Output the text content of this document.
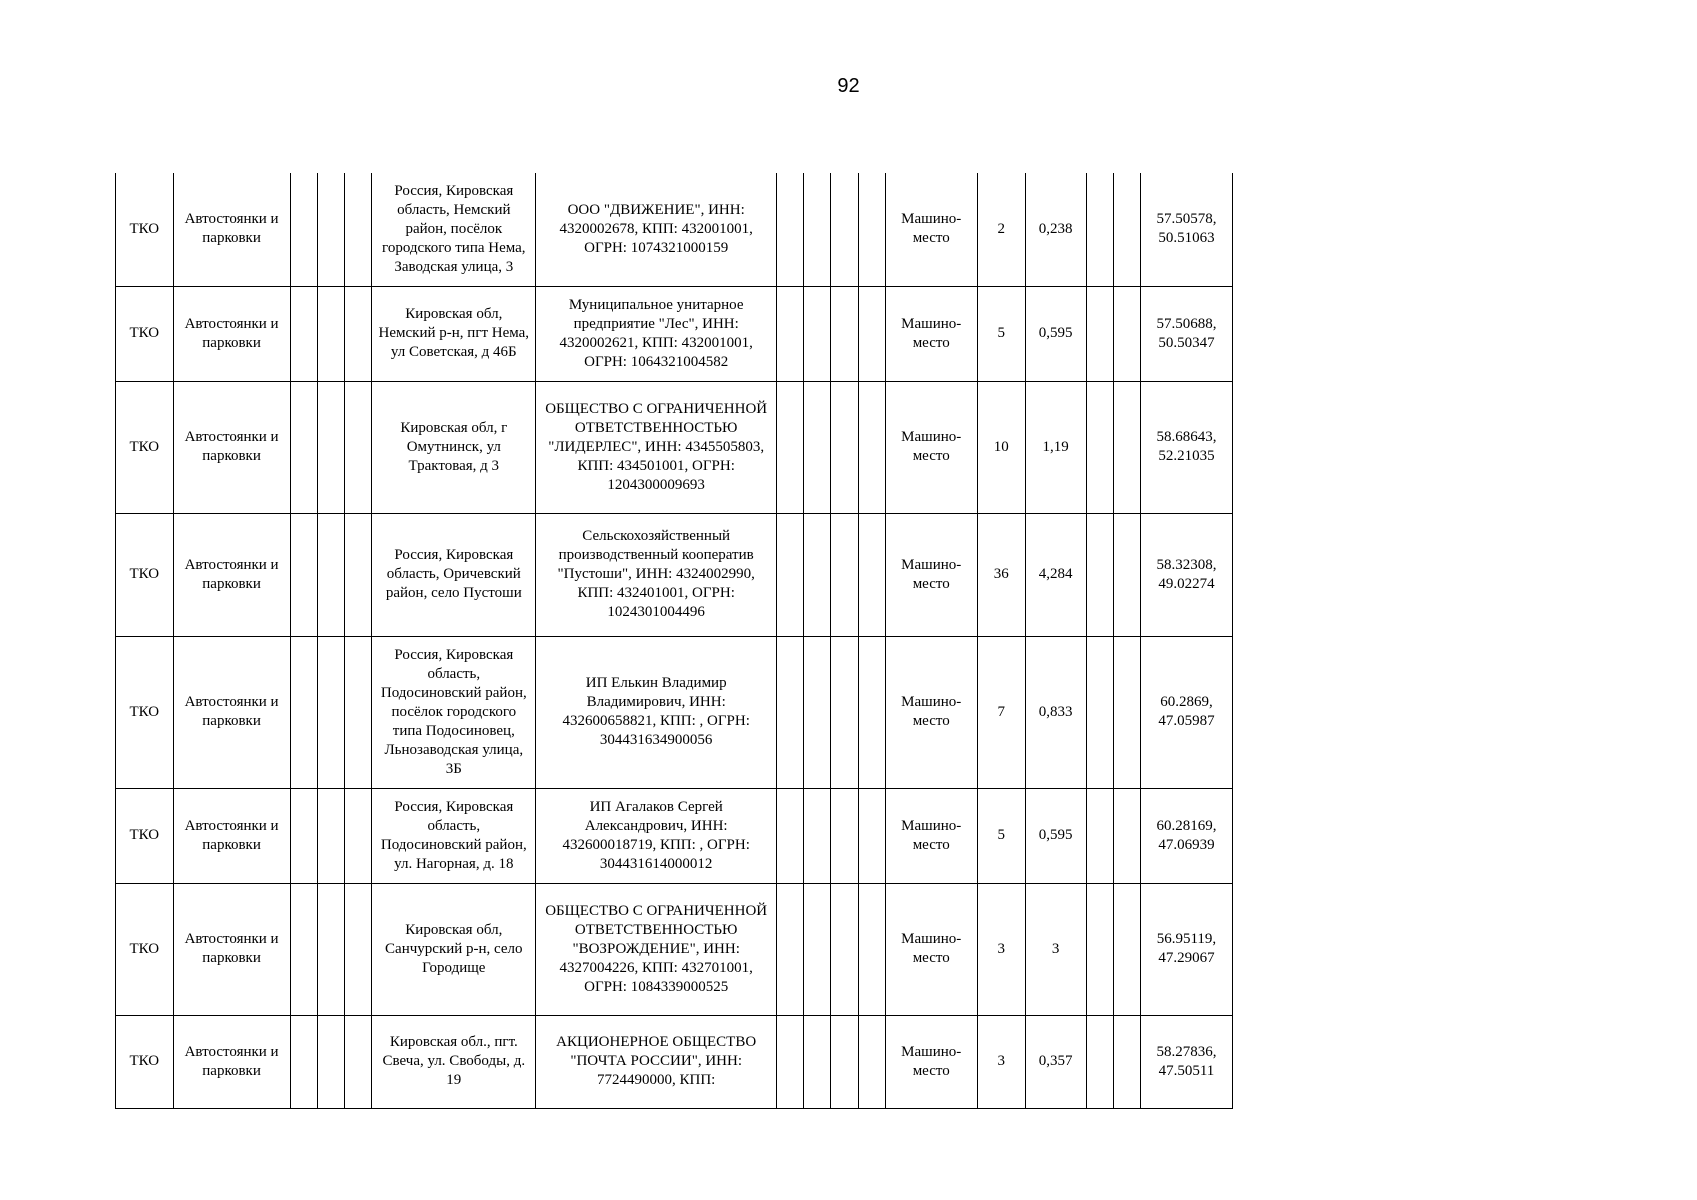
92
ТКО	Автостоянки и парковки				Россия, Кировская область, Немский район, посёлок городского типа Нема, Заводская улица, 3	ООО "ДВИЖЕНИЕ", ИНН: 4320002678, КПП: 432001001, ОГРН: 1074321000159					Машино-место	2	0,238			57.50578, 50.51063
ТКО	Автостоянки и парковки				Кировская обл, Немский р-н, пгт Нема, ул Советская, д 46Б	Муниципальное унитарное предприятие "Лес", ИНН: 4320002621, КПП: 432001001, ОГРН: 1064321004582					Машино-место	5	0,595			57.50688, 50.50347
ТКО	Автостоянки и парковки				Кировская обл, г Омутнинск, ул Трактовая, д 3	ОБЩЕСТВО С ОГРАНИЧЕННОЙ ОТВЕТСТВЕННОСТЬЮ "ЛИДЕРЛЕС", ИНН: 4345505803, КПП: 434501001, ОГРН: 1204300009693					Машино-место	10	1,19			58.68643, 52.21035
ТКО	Автостоянки и парковки				Россия, Кировская область, Оричевский район, село Пустоши	Сельскохозяйственный производственный кооператив "Пустоши", ИНН: 4324002990, КПП: 432401001, ОГРН: 1024301004496					Машино-место	36	4,284			58.32308, 49.02274
ТКО	Автостоянки и парковки				Россия, Кировская область, Подосиновский район, посёлок городского типа Подосиновец, Льнозаводская улица, 3Б	ИП Елькин Владимир Владимирович, ИНН: 432600658821, КПП: , ОГРН: 304431634900056					Машино-место	7	0,833			60.2869, 47.05987
ТКО	Автостоянки и парковки				Россия, Кировская область, Подосиновский район, ул. Нагорная, д. 18	ИП Агалаков Сергей Александрович, ИНН: 432600018719, КПП: , ОГРН: 304431614000012					Машино-место	5	0,595			60.28169, 47.06939
ТКО	Автостоянки и парковки				Кировская обл, Санчурский р-н, село Городище	ОБЩЕСТВО С ОГРАНИЧЕННОЙ ОТВЕТСТВЕННОСТЬЮ "ВОЗРОЖДЕНИЕ", ИНН: 4327004226, КПП: 432701001, ОГРН: 1084339000525					Машино-место	3	3			56.95119, 47.29067
ТКО	Автостоянки и парковки				Кировская обл., пгт. Свеча, ул. Свободы, д. 19	АКЦИОНЕРНОЕ ОБЩЕСТВО "ПОЧТА РОССИИ", ИНН: 7724490000, КПП:					Машино-место	3	0,357			58.27836, 47.50511
